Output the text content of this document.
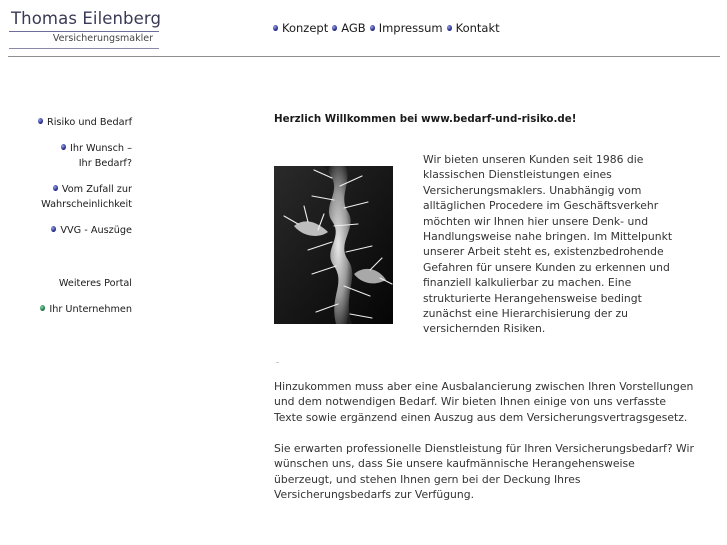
Thomas Eilenberg
Versicherungsmakler
Konzept AGB Impressum Kontakt
Risiko und Bedarf
Ihr Wunsch –
Ihr Bedarf?
Vom Zufall zur
Wahrscheinlichkeit
VVG - Auszüge
Weiteres Portal
Ihr Unternehmen
Herzlich Willkommen bei www.bedarf-und-risiko.de!
Wir bieten unseren Kunden seit 1986 die klassischen Dienstleistungen eines Versicherungsmaklers. Unabhängig vom alltäglichen Procedere im Geschäftsverkehr möchten wir Ihnen hier unsere Denk- und Handlungsweise nahe bringen. Im Mittelpunkt unserer Arbeit steht es, existenzbedrohende Gefahren für unsere Kunden zu erkennen und finanziell kalkulierbar zu machen. Eine strukturierte Herangehensweise bedingt zunächst eine Hierarchisierung der zu versichernden Risiken.
Hinzukommen muss aber eine Ausbalancierung zwischen Ihren Vorstellungen und dem notwendigen Bedarf. Wir bieten Ihnen einige von uns verfasste Texte sowie ergänzend einen Auszug aus dem Versicherungsvertragsgesetz.
Sie erwarten professionelle Dienstleistung für Ihren Versicherungsbedarf? Wir wünschen uns, dass Sie unsere kaufmännische Herangehensweise überzeugt, und stehen Ihnen gern bei der Deckung Ihres Versicherungsbedarfs zur Verfügung.
